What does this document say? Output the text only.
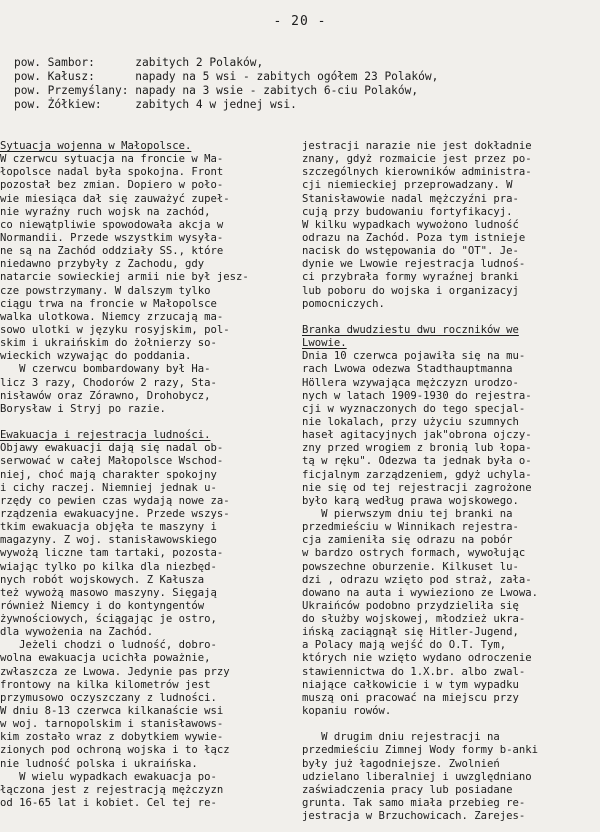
- 20 -
pow. Sambor:      zabitych 2 Polaków,
pow. Kałusz:      napady na 5 wsi - zabitych ogółem 23 Polaków,
pow. Przemyślany: napady na 3 wsie - zabitych 6-ciu Polaków,
pow. Żółkiew:     zabitych 4 w jednej wsi.
Sytuacja wojenna w Małopolsce.
W czerwcu sytuacja na froncie w Ma-
łopolsce nadal była spokojna. Front
pozostał bez zmian. Dopiero w poło-
wie miesiąca dał się zauważyć zupeł-
nie wyraźny ruch wojsk na zachód,
co niewątpliwie spowodowała akcja w
Normandii. Przede wszystkim wysyła-
ne są na Zachód oddziały SS., które
niedawno przybyły z Zachodu, gdy
natarcie sowieckiej armii nie był jesz-
cze powstrzymany. W dalszym tylko
ciągu trwa na froncie w Małopolsce
walka ulotkowa. Niemcy zrzucają ma-
sowo ulotki w języku rosyjskim, pol-
skim i ukraińskim do żołnierzy so-
wieckich wzywając do poddania.
W czerwcu bombardowany był Ha-
licz 3 razy, Chodorów 2 razy, Sta-
nisławów oraz Zórawno, Drohobycz,
Borysław i Stryj po razie.
Ewakuacja i rejestracja ludności.
Objawy ewakuacji dają się nadal ob-
serwować w całej Małopolsce Wschod-
niej, choć mają charakter spokojny
i cichy raczej. Niemniej jednak u-
rzędy co pewien czas wydają nowe za-
rządzenia ewakuacyjne. Przede wszys-
tkim ewakuacja objęła te maszyny i
magazyny. Z woj. stanisławowskiego
wywożą liczne tam tartaki, pozosta-
wiając tylko po kilka dla niezbęd-
nych robót wojskowych. Z Kałusza
też wywożą masowo maszyny. Sięgają
również Niemcy i do kontyngentów
żywnościowych, ściągając je ostro,
dla wywożenia na Zachód.
Jeżeli chodzi o ludność, dobro-
wolna ewakuacja ucichła poważnie,
zwłaszcza ze Lwowa. Jedynie pas przy
frontowy na kilka kilometrów jest
przymusowo oczyszczany z ludności.
W dniu 8-13 czerwca kilkanaście wsi
w woj. tarnopolskim i stanisławows-
kim zostało wraz z dobytkiem wywie-
zionych pod ochroną wojska i to łącz
nie ludność polska i ukraińska.
W wielu wypadkach ewakuacja po-
łączona jest z rejestracją mężczyzn
od 16-65 lat i kobiet. Cel tej re-
jestracji narazie nie jest dokładnie
znany, gdyż rozmaicie jest przez po-
szczególnych kierowników administra-
cji niemieckiej przeprowadzany. W
Stanisławowie nadal mężczyźni pra-
cują przy budowaniu fortyfikacyj.
W kilku wypadkach wywożono ludność
odrazu na Zachód. Poza tym istnieje
nacisk do wstępowania do "OT". Je-
dynie we Lwowie rejestracja ludnoś-
ci przybrała formy wyraźnej branki
lub poboru do wojska i organizacyj
pomocniczych.
Branka dwudziestu dwu roczników we
Lwowie.
Dnia 10 czerwca pojawiła się na mu-
rach Lwowa odezwa Stadthauptmanna
Höllera wzywająca mężczyzn urodzo-
nych w latach 1909-1930 do rejestra-
cji w wyznaczonych do tego specjal-
nie lokalach, przy użyciu szumnych
haseł agitacyjnych jak"obrona ojczy-
zny przed wrogiem z bronią lub łopa-
tą w ręku". Odezwa ta jednak była o-
ficjalnym zarządzeniem, gdyż uchyla-
nie się od tej rejestracji zagrożone
było karą według prawa wojskowego.
W pierwszym dniu tej branki na
przedmieściu w Winnikach rejestra-
cja zamieniła się odrazu na pobór
w bardzo ostrych formach, wywołując
powszechne oburzenie. Kilkuset lu-
dzi , odrazu wzięto pod straż, zała-
dowano na auta i wywieziono ze Lwowa.
Ukraińców podobno przydzieliła się
do służby wojskowej, młodzież ukra-
ińską zaciągnął się Hitler-Jugend,
a Polacy mają wejść do O.T. Tym,
których nie wzięto wydano odroczenie
stawiennictwa do 1.X.br. albo zwal-
niające całkowicie i w tym wypadku
muszą oni pracować na miejscu przy
kopaniu rowów.
W drugim dniu rejestracji na
przedmieściu Zimnej Wody formy b-anki
były już łagodniejsze. Zwolnień
udzielano liberalniej i uwzględniano
zaświadczenia pracy lub posiadane
grunta. Tak samo miała przebieg re-
jestracja w Brzuchowicach. Zarejes-
